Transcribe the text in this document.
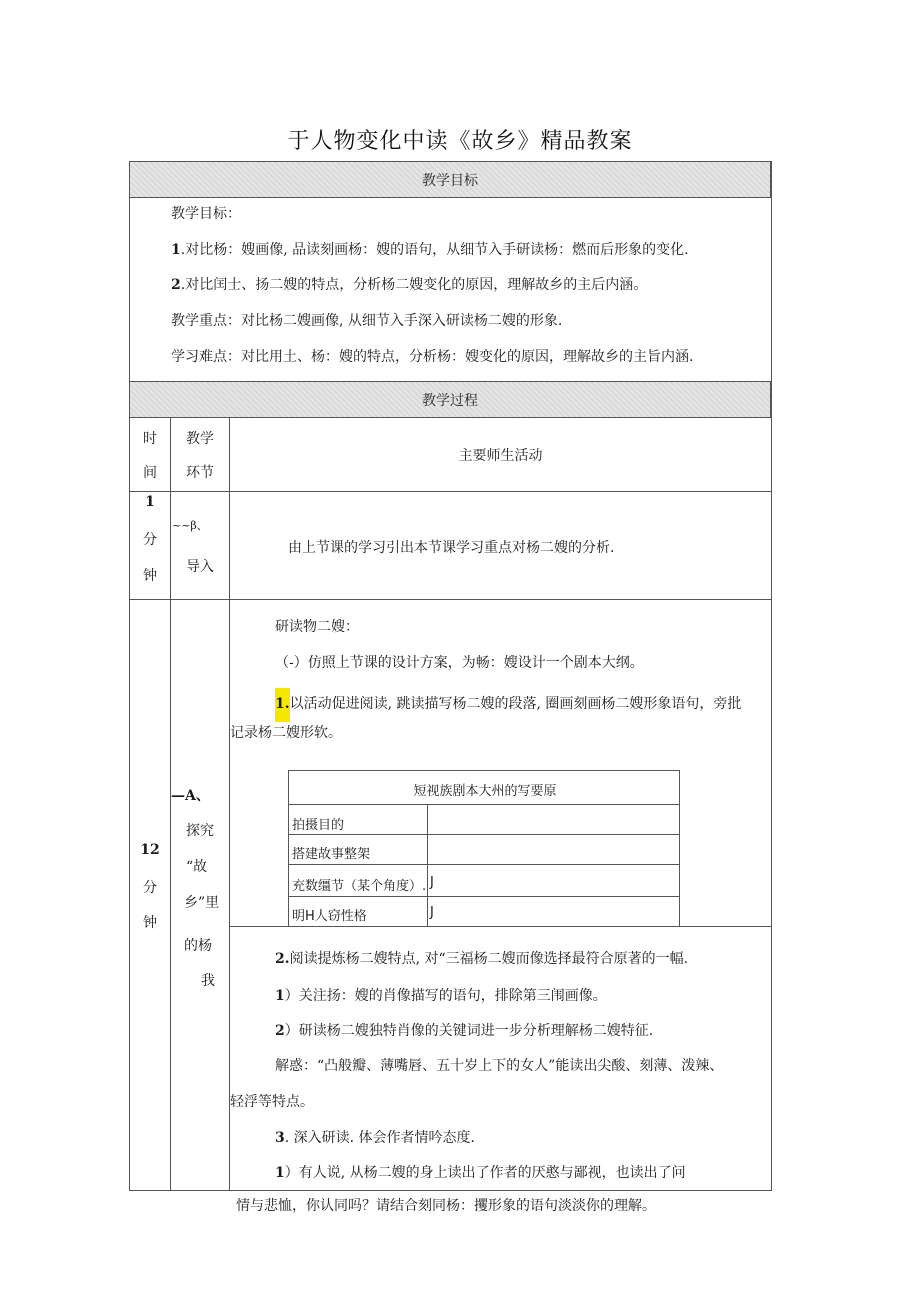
于人物变化中读《故乡》精品教案
教学目标
教学目标：
1.对比杨：嫂画像, 品读刻画杨：嫂的语句，从细节入手研读杨：燃而后形象的变化.
2.对比闰士、扬二嫂的特点，分析杨二嫂变化的原因，理解故乡的主后内涵。
教学重点：对比杨二嫂画像, 从细节入手深入研读杨二嫂的形象.
学习难点：对比用土、杨：嫂的特点，分析杨：嫂变化的原因，理解故乡的主旨内涵.
教学过程
时
间
教学
环节
主要师生活动
1
分
钟
~~β、
导入
由上节课的学习引出本节课学习重点对杨二嫂的分析.
12
分
钟
—A、
探究
“故
乡”里
的杨
我
研读物二嫂：
（-）仿照上节课的设计方案，为畅：嫂设计一个剧本大纲。
1.以活动促进阅读, 跳读描写杨二嫂的段落, 圈画刻画杨二嫂形象语句，旁批
记录杨二嫂形软。
短视族剧本大州的写要原
拍摄目的
搭建故事整架
充数缰节（某个角度）. J
明H人窃性格	J
2.阅读提炼杨二嫂特点, 对“三福杨二嫂而像选择最符合原著的一幅.
1）关注扬：嫂的肖像描写的语句，排除第三闱画像。
2）研读杨二嫂独特肖像的关键词进一步分析理解杨二嫂特征.
解惑：“凸般瓣、薄嘴唇、五十岁上下的女人”能读出尖酸、刻薄、泼辣、
轻浮等特点。
3. 深入研读. 体会作者情吟态度.
1）有人说, 从杨二嫂的身上读出了作者的厌憨与鄙视，也读出了问
情与悲恤，你认同吗？请结合刻同杨：攫形象的语句淡淡你的理解。
